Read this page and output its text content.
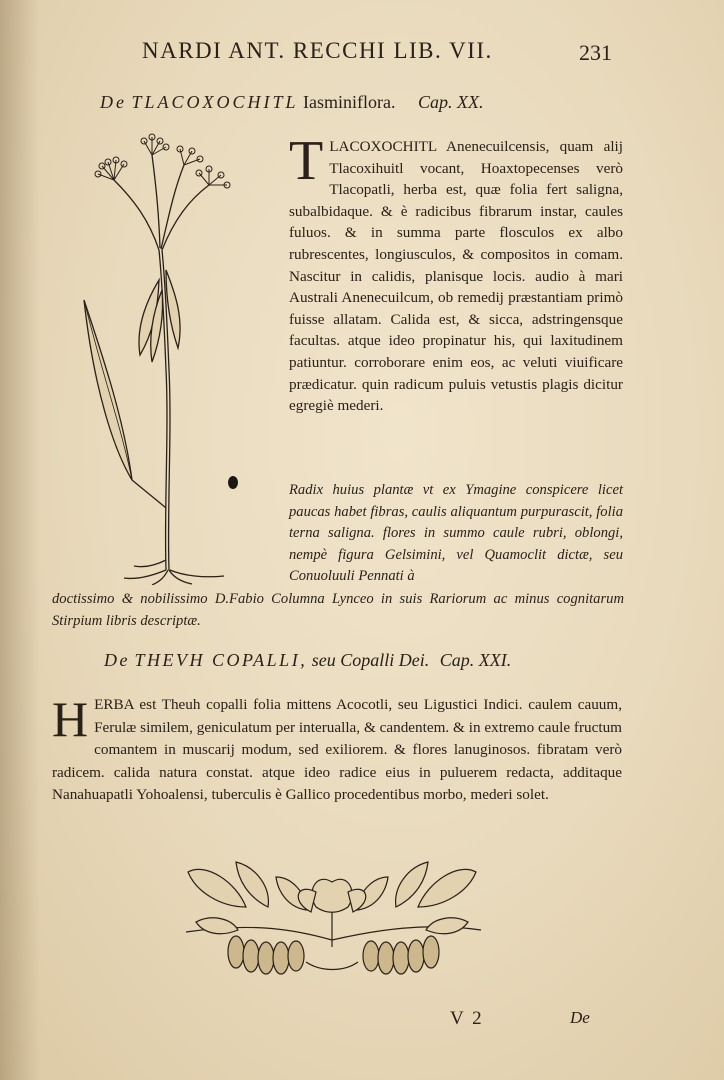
NARDI ANT. RECCHI LIB. VII.	231
De TLACOXOCHITL Iasminiflora. Cap. XX.
T LACOXOCHITL Anenecuilcensis, quam alij Tlacoxihuitl vocant, Hoaxtopecenses verò Tlacopatli, herba est, quæ folia fert saligna, subalbidaque. & è radicibus fibrarum instar, caules fuluos. & in summa parte flosculos ex albo rubrescentes, longiusculos, & compositos in comam. Nascitur in calidis, planisque locis. audio à mari Australi Anenecuilcum, ob remedij præstantiam primò fuisse allatam. Calida est, & sicca, adstringensque facultas. atque ideo propinatur his, qui laxitudinem patiuntur. corroborare enim eos, ac veluti viuificare prædicatur. quin radicum puluis vetustis plagis dicitur egregiè mederi.
Radix huius plantæ vt ex Ymagine conspicere licet paucas habet fibras, caulis aliquantum purpurascit, folia terna saligna. flores in summo caule rubri, oblongi, nempè figura Gelsimini, vel Quamoclit dictæ, seu Conuoluuli Pennati à
doctissimo & nobilissimo D.Fabio Columna Lynceo in suis Rariorum ac minus cognitarum Stirpium libris descriptæ.
De THEVH COPALLI, seu Copalli Dei. Cap. XXI.
H ERBA est Theuh copalli folia mittens Acocotli, seu Ligustici Indici. caulem cauum, Ferulæ similem, geniculatum per interualla, & candentem. & in extremo caule fructum comantem in muscarij modum, sed exiliorem. & flores lanuginosos. fibratam verò radicem. calida natura constat. atque ideo radice eius in puluerem redacta, additaque Nanahuapatli Yohoalensi, tuberculis è Gallico procedentibus morbo, mederi solet.
V 2	De
